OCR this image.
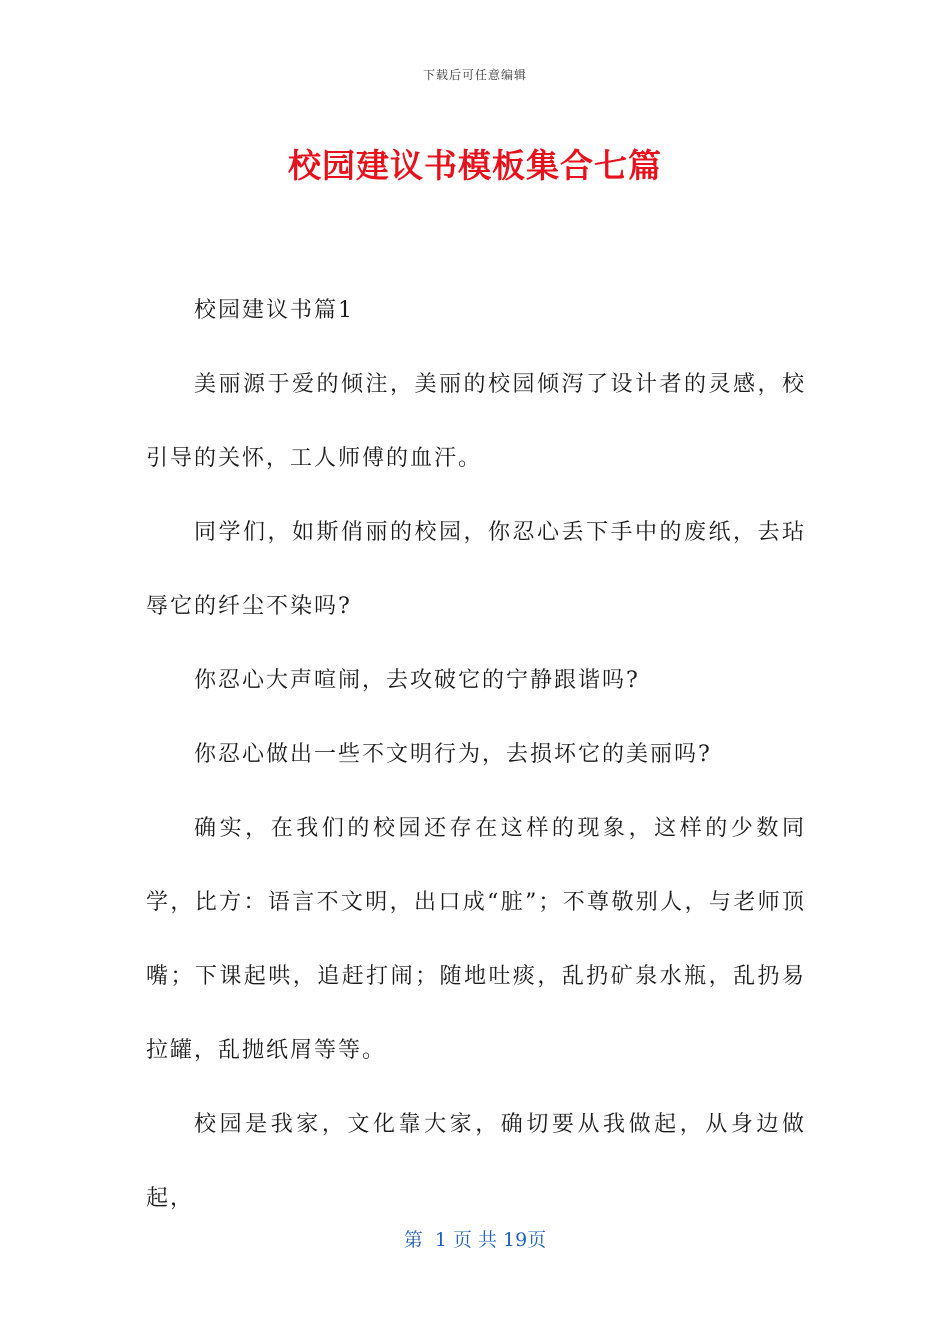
下载后可任意编辑
校园建议书模板集合七篇

校园建议书篇1

美丽源于爱的倾注，美丽的校园倾泻了设计者的灵感，校引导的关怀，工人师傅的血汗。

同学们，如斯俏丽的校园，你忍心丢下手中的废纸，去玷辱它的纤尘不染吗?

你忍心大声喧闹，去攻破它的宁静跟谐吗?

你忍心做出一些不文明行为，去损坏它的美丽吗?

确实，在我们的校园还存在这样的现象，这样的少数同学，比方：语言不文明，出口成“脏”；不尊敬别人，与老师顶嘴；下课起哄，追赶打闹；随地吐痰，乱扔矿泉水瓶，乱扔易拉罐，乱抛纸屑等等。

校园是我家，文化靠大家，确切要从我做起，从身边做起，

第  1 页 共 19页
